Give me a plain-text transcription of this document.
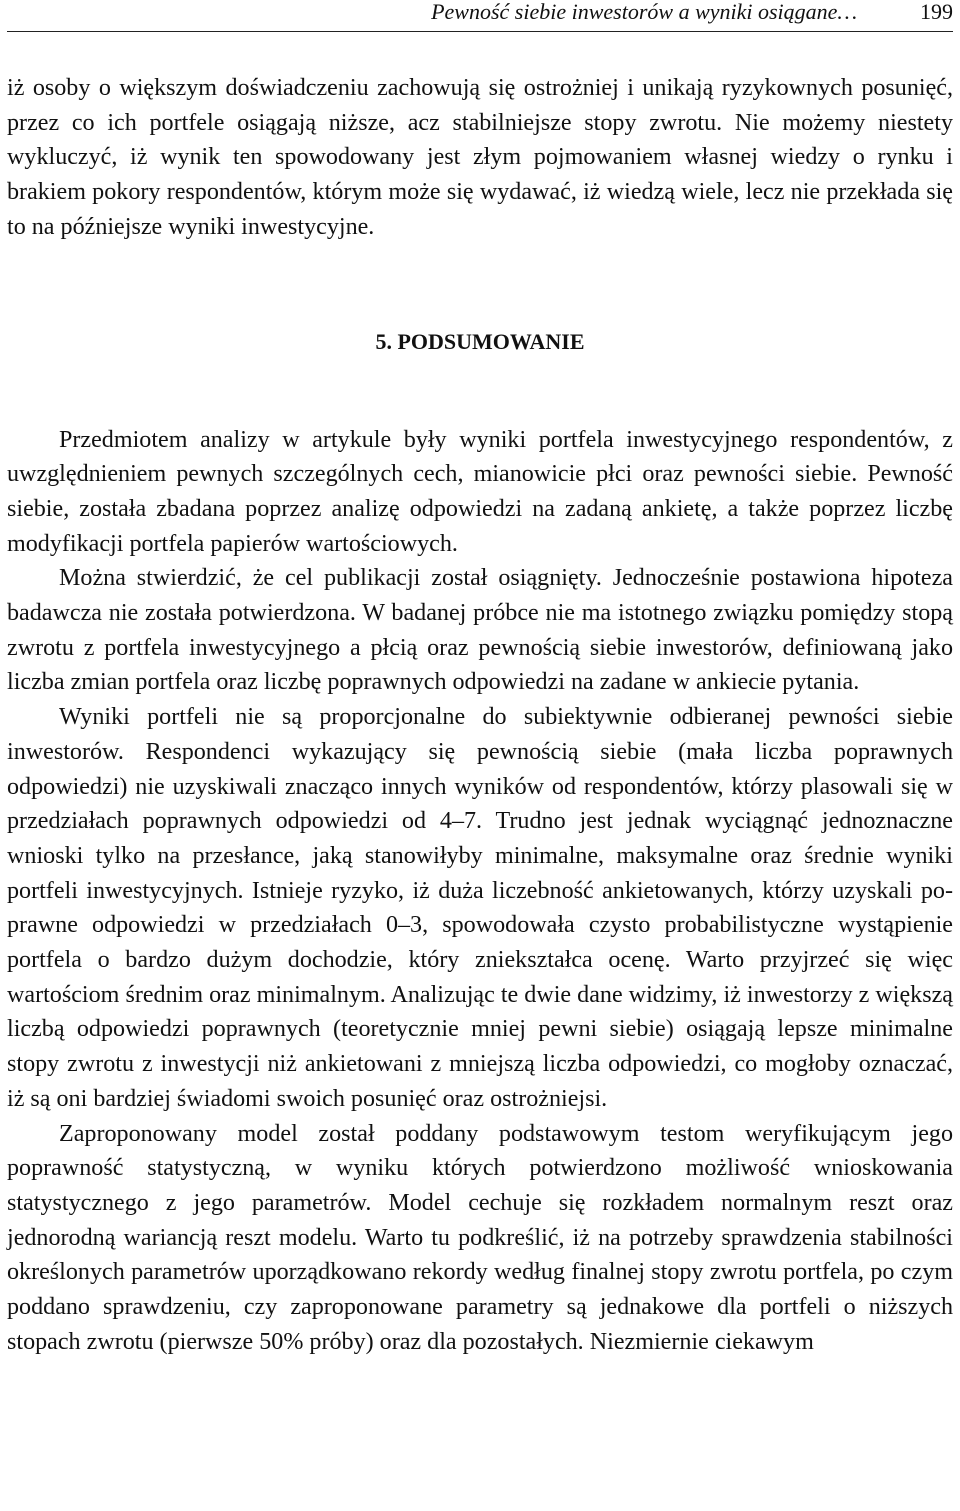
Pewność siebie inwestorów a wyniki osiągane…	199

iż osoby o większym doświadczeniu zachowują się ostrożniej i unikają ryzykownych posunięć, przez co ich portfele osiągają niższe, acz stabilniejsze stopy zwrotu. Nie możemy niestety wykluczyć, iż wynik ten spowodowany jest złym pojmowaniem własnej wiedzy o rynku i brakiem pokory respondentów, którym może się wydawać, iż wiedzą wiele, lecz nie przekłada się to na późniejsze wyniki inwestycyjne.

5. PODSUMOWANIE

Przedmiotem analizy w artykule były wyniki portfela inwestycyjnego respondentów, z uwzględnieniem pewnych szczególnych cech, mianowicie płci oraz pewności siebie. Pewność siebie, została zbadana poprzez analizę odpowiedzi na zadaną ankietę, a także poprzez liczbę modyfikacji portfela papierów wartościowych.

Można stwierdzić, że cel publikacji został osiągnięty. Jednocześnie postawiona hipoteza badawcza nie została potwierdzona. W badanej próbce nie ma istotnego związku pomiędzy stopą zwrotu z portfela inwestycyjnego a płcią oraz pewnością siebie inwestorów, definiowaną jako liczba zmian portfela oraz liczbę poprawnych odpowiedzi na zadane w ankiecie pytania.

Wyniki portfeli nie są proporcjonalne do subiektywnie odbieranej pewności siebie inwestorów. Respondenci wykazujący się pewnością siebie (mała liczba poprawnych odpowiedzi) nie uzyskiwali znacząco innych wyników od respondentów, którzy plasowali się w przedziałach poprawnych odpowiedzi od 4–7. Trudno jest jednak wyciągnąć jednoznaczne wnioski tylko na przesłance, jaką stanowiłyby minimalne, maksymalne oraz średnie wyniki portfeli inwestycyjnych. Istnieje ryzyko, iż duża liczebność ankietowanych, którzy uzyskali poprawne odpowiedzi w przedziałach 0–3, spowodowała czysto probabilistyczne wystąpienie portfela o bardzo dużym dochodzie, który zniekształca ocenę. Warto przyjrzeć się więc wartościom średnim oraz minimalnym. Analizując te dwie dane widzimy, iż inwestorzy z większą liczbą odpowiedzi poprawnych (teoretycznie mniej pewni siebie) osiągają lepsze minimalne stopy zwrotu z inwestycji niż ankietowani z mniejszą liczba odpowiedzi, co mogłoby oznaczać, iż są oni bardziej świadomi swoich posunięć oraz ostrożniejsi.

Zaproponowany model został poddany podstawowym testom weryfikującym jego poprawność statystyczną, w wyniku których potwierdzono możliwość wnioskowania statystycznego z jego parametrów. Model cechuje się rozkładem normalnym reszt oraz jednorodną wariancją reszt modelu. Warto tu podkreślić, iż na potrzeby sprawdzenia stabilności określonych parametrów uporządkowano rekordy według finalnej stopy zwrotu portfela, po czym poddano sprawdzeniu, czy zaproponowane parametry są jednakowe dla portfeli o niższych stopach zwrotu (pierwsze 50% próby) oraz dla pozostałych. Niezmiernie ciekawym
